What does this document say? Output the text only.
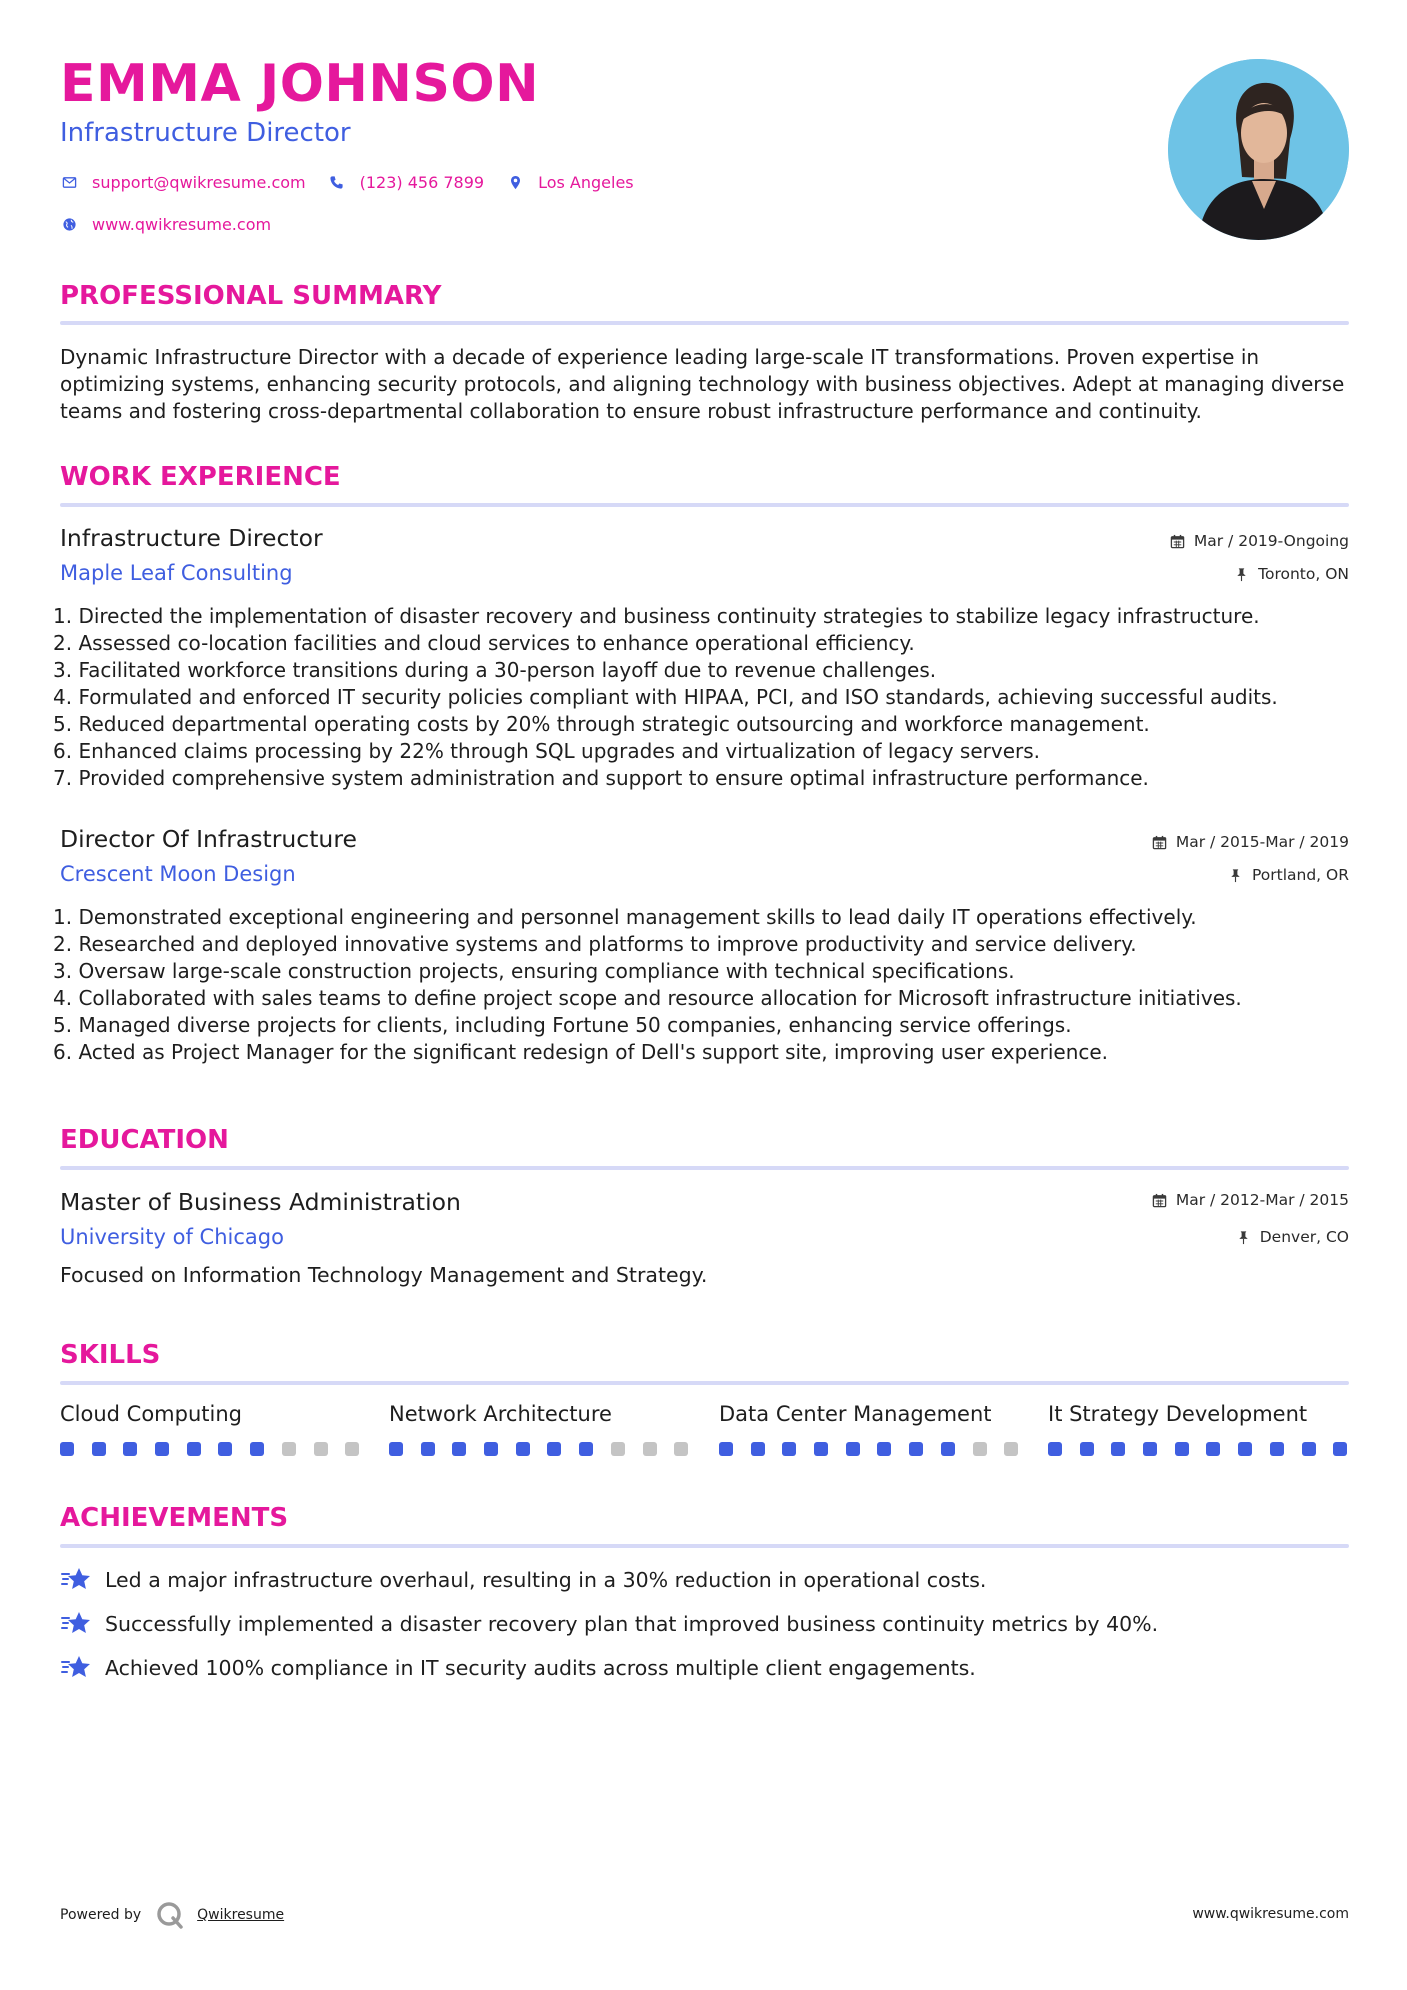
EMMA JOHNSON
Infrastructure Director
support@qwikresume.com	(123) 456 7899	Los Angeles
www.qwikresume.com
PROFESSIONAL SUMMARY
Dynamic Infrastructure Director with a decade of experience leading large-scale IT transformations. Proven expertise in optimizing systems, enhancing security protocols, and aligning technology with business objectives. Adept at managing diverse teams and fostering cross-departmental collaboration to ensure robust infrastructure performance and continuity.
WORK EXPERIENCE
Infrastructure Director
Maple Leaf Consulting
Mar / 2019-Ongoing
Toronto, ON
1. Directed the implementation of disaster recovery and business continuity strategies to stabilize legacy infrastructure.
2. Assessed co-location facilities and cloud services to enhance operational efficiency.
3. Facilitated workforce transitions during a 30-person layoff due to revenue challenges.
4. Formulated and enforced IT security policies compliant with HIPAA, PCI, and ISO standards, achieving successful audits.
5. Reduced departmental operating costs by 20% through strategic outsourcing and workforce management.
6. Enhanced claims processing by 22% through SQL upgrades and virtualization of legacy servers.
7. Provided comprehensive system administration and support to ensure optimal infrastructure performance.
Director Of Infrastructure
Crescent Moon Design
Mar / 2015-Mar / 2019
Portland, OR
1. Demonstrated exceptional engineering and personnel management skills to lead daily IT operations effectively.
2. Researched and deployed innovative systems and platforms to improve productivity and service delivery.
3. Oversaw large-scale construction projects, ensuring compliance with technical specifications.
4. Collaborated with sales teams to define project scope and resource allocation for Microsoft infrastructure initiatives.
5. Managed diverse projects for clients, including Fortune 50 companies, enhancing service offerings.
6. Acted as Project Manager for the significant redesign of Dell's support site, improving user experience.
EDUCATION
Master of Business Administration
University of Chicago
Mar / 2012-Mar / 2015
Denver, CO
Focused on Information Technology Management and Strategy.
SKILLS
Cloud Computing	Network Architecture	Data Center Management	It Strategy Development
ACHIEVEMENTS
Led a major infrastructure overhaul, resulting in a 30% reduction in operational costs.
Successfully implemented a disaster recovery plan that improved business continuity metrics by 40%.
Achieved 100% compliance in IT security audits across multiple client engagements.
Powered by	Qwikresume	www.qwikresume.com
